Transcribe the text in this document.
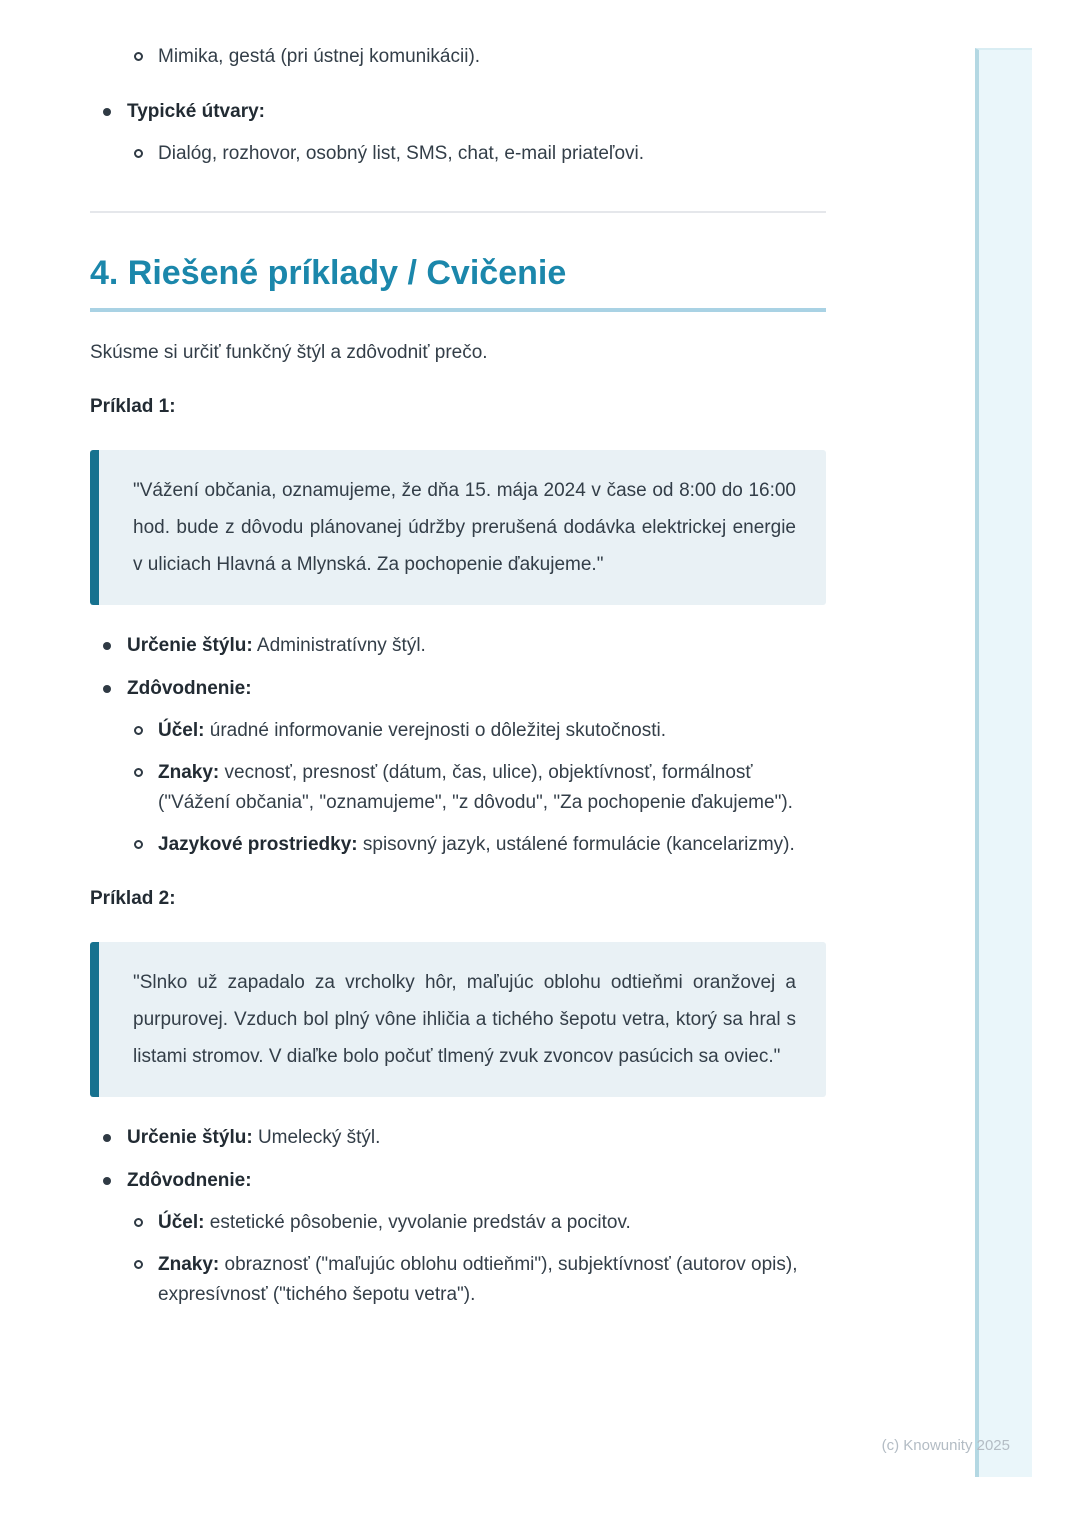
Mimika, gestá (pri ústnej komunikácii).
Typické útvary:
Dialóg, rozhovor, osobný list, SMS, chat, e-mail priateľovi.
4. Riešené príklady / Cvičenie

Skúsme si určiť funkčný štýl a zdôvodniť prečo.

Príklad 1:

"Vážení občania, oznamujeme, že dňa 15. mája 2024 v čase od 8:00 do 16:00 hod. bude z dôvodu plánovanej údržby prerušená dodávka elektrickej energie v uliciach Hlavná a Mlynská. Za pochopenie ďakujeme."
Určenie štýlu: Administratívny štýl.
Zdôvodnenie:
Účel: úradné informovanie verejnosti o dôležitej skutočnosti.
Znaky: vecnosť, presnosť (dátum, čas, ulice), objektívnosť, formálnosť ("Vážení občania", "oznamujeme", "z dôvodu", "Za pochopenie ďakujeme").
Jazykové prostriedky: spisovný jazyk, ustálené formulácie (kancelarizmy).

Príklad 2:

"Slnko už zapadalo za vrcholky hôr, maľujúc oblohu odtieňmi oranžovej a purpurovej. Vzduch bol plný vône ihličia a tichého šepotu vetra, ktorý sa hral s listami stromov. V diaľke bolo počuť tlmený zvuk zvoncov pasúcich sa oviec."
Určenie štýlu: Umelecký štýl.
Zdôvodnenie:
Účel: estetické pôsobenie, vyvolanie predstáv a pocitov.
Znaky: obraznosť ("maľujúc oblohu odtieňmi"), subjektívnosť (autorov opis), expresívnosť ("tichého šepotu vetra").
(c) Knowunity 2025
